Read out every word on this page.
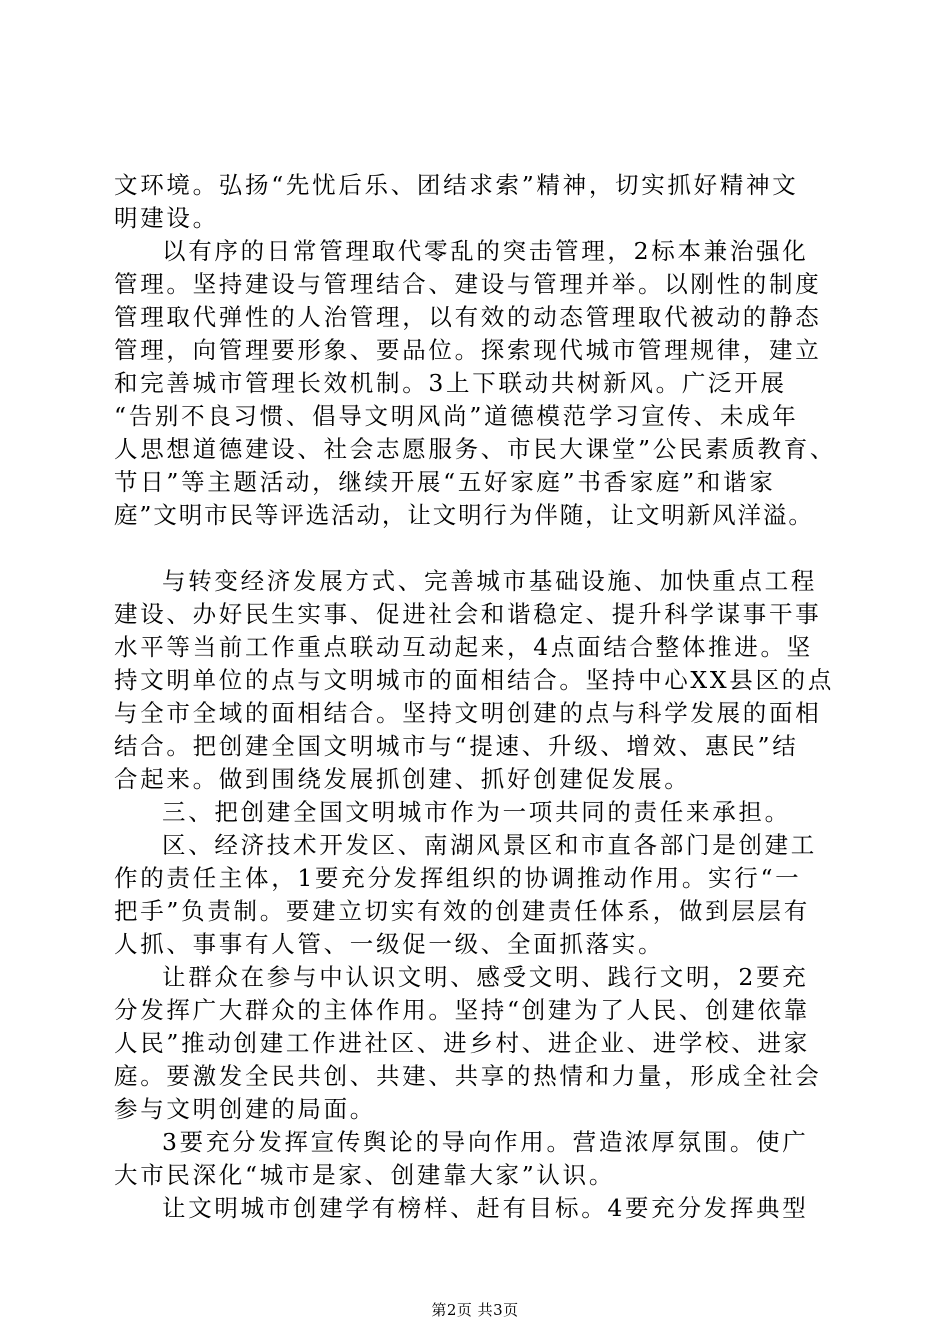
文环境。弘扬“先忧后乐、团结求索”精神，切实抓好精神文
明建设。
以有序的日常管理取代零乱的突击管理，2标本兼治强化
管理。坚持建设与管理结合、建设与管理并举。以刚性的制度
管理取代弹性的人治管理，以有效的动态管理取代被动的静态
管理，向管理要形象、要品位。探索现代城市管理规律，建立
和完善城市管理长效机制。3上下联动共树新风。广泛开展
“告别不良习惯、倡导文明风尚”道德模范学习宣传、未成年
人思想道德建设、社会志愿服务、市民大课堂”公民素质教育、
节日”等主题活动，继续开展“五好家庭”书香家庭”和谐家
庭”文明市民等评选活动，让文明行为伴随，让文明新风洋溢。
与转变经济发展方式、完善城市基础设施、加快重点工程
建设、办好民生实事、促进社会和谐稳定、提升科学谋事干事
水平等当前工作重点联动互动起来，4点面结合整体推进。坚
持文明单位的点与文明城市的面相结合。坚持中心XX县区的点
与全市全域的面相结合。坚持文明创建的点与科学发展的面相
结合。把创建全国文明城市与“提速、升级、增效、惠民”结
合起来。做到围绕发展抓创建、抓好创建促发展。
三、把创建全国文明城市作为一项共同的责任来承担。
区、经济技术开发区、南湖风景区和市直各部门是创建工
作的责任主体，1要充分发挥组织的协调推动作用。实行“一
把手”负责制。要建立切实有效的创建责任体系，做到层层有
人抓、事事有人管、一级促一级、全面抓落实。
让群众在参与中认识文明、感受文明、践行文明，2要充
分发挥广大群众的主体作用。坚持“创建为了人民、创建依靠
人民”推动创建工作进社区、进乡村、进企业、进学校、进家
庭。要激发全民共创、共建、共享的热情和力量，形成全社会
参与文明创建的局面。
3要充分发挥宣传舆论的导向作用。营造浓厚氛围。使广
大市民深化“城市是家、创建靠大家”认识。
让文明城市创建学有榜样、赶有目标。4要充分发挥典型
第2页 共3页
